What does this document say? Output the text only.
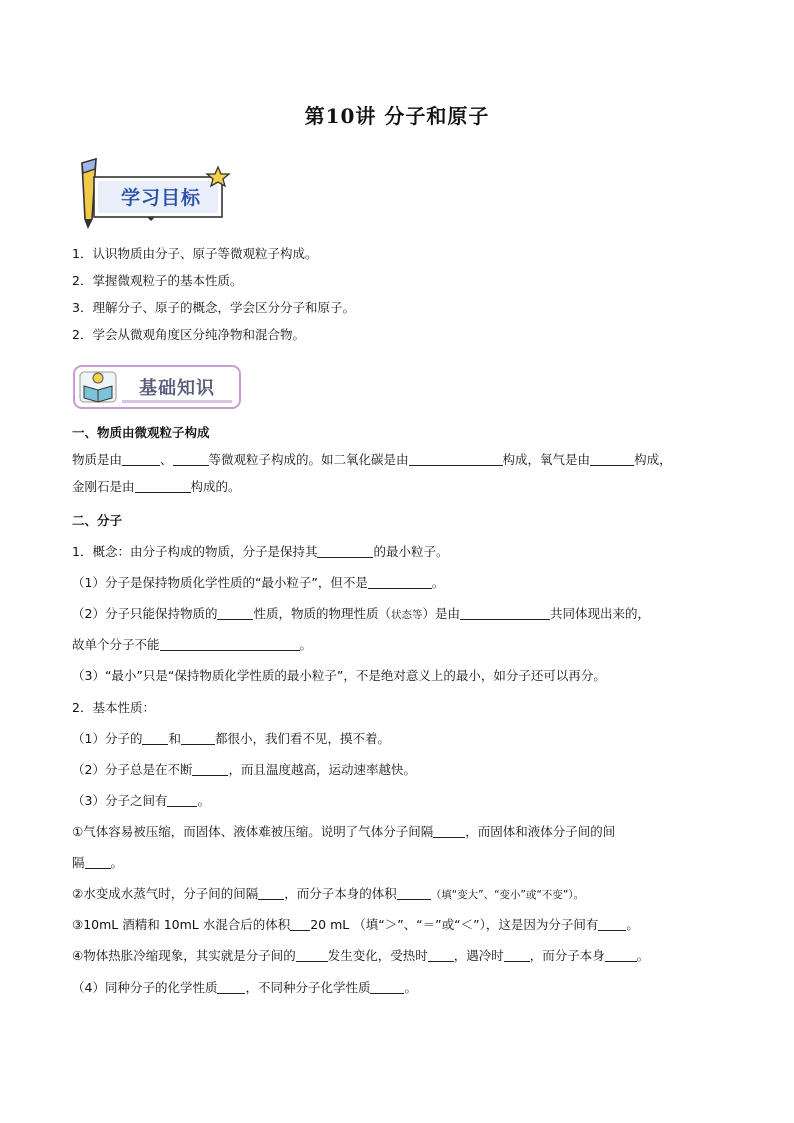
第10讲 分子和原子
学习目标
1．认识物质由分子、原子等微观粒子构成。
2．掌握微观粒子的基本性质。
3．理解分子、原子的概念，学会区分分子和原子。
2．学会从微观角度区分纯净物和混合物。
基础知识
一、物质由微观粒子构成
物质是由	、	等微观粒子构成的。如二氧化碳是由	构成，氧气是由	构成，
金刚石是由	构成的。
二、分子
1．概念：由分子构成的物质，分子是保持其	的最小粒子。
（1）分子是保持物质化学性质的“最小粒子”，但不是	。
（2）分子只能保持物质的	性质，物质的物理性质（状态等）是由	共同体现出来的，
故单个分子不能	。
（3）“最小”只是“保持物质化学性质的最小粒子”，不是绝对意义上的最小，如分子还可以再分。
2．基本性质：
（1）分子的 和	都很小，我们看不见，摸不着。
（2）分子总是在不断	，而且温度越高，运动速率越快。
（3）分子之间有 。
①气体容易被压缩，而固体、液体难被压缩。说明了气体分子间隔	，而固体和液体分子间的间
隔 。
②水变成水蒸气时，分子间的间隔 ，而分子本身的体积	（填“变大”、“变小”或“不变”）。
③10mL 酒精和 10mL 水混合后的体积 20 mL （填“＞”、“＝”或“＜”），这是因为分子间有 。
④物体热胀冷缩现象，其实就是分子间的	发生变化，受热时 ，遇冷时 ，而分子本身	。
（4）同种分子的化学性质 ，不同种分子化学性质	。
